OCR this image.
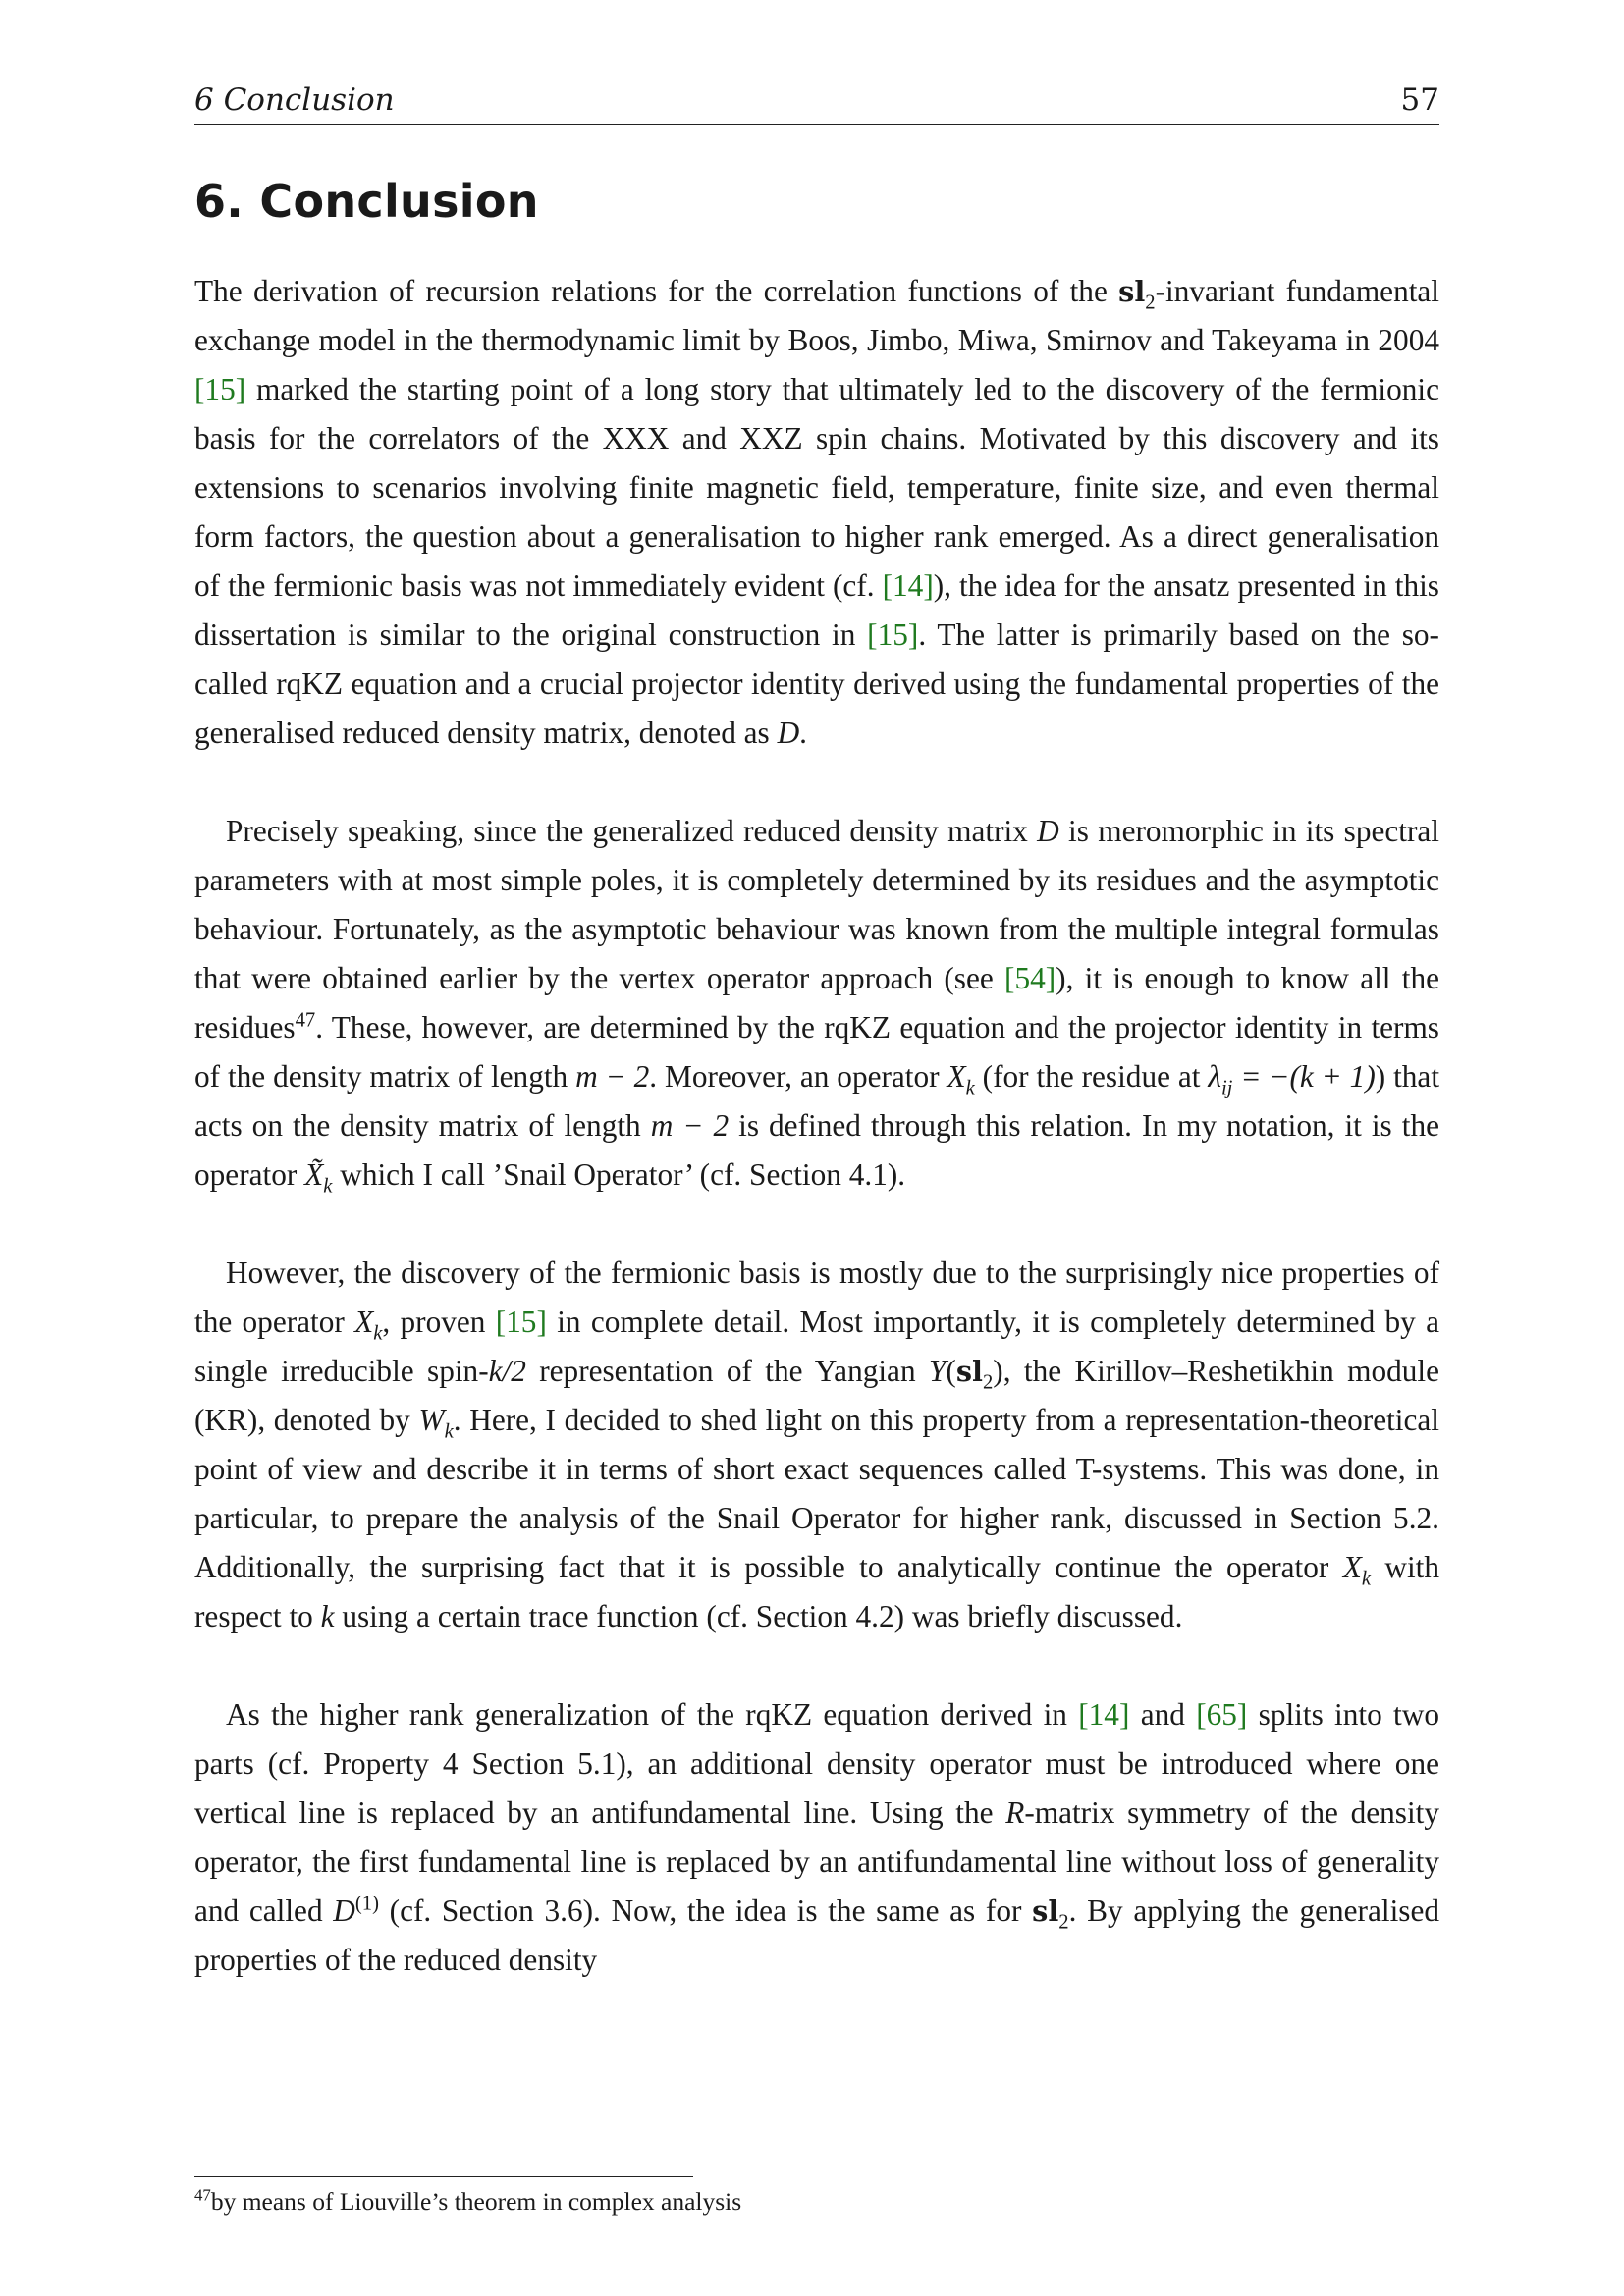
6 Conclusion	57
6. Conclusion

The derivation of recursion relations for the correlation functions of the $sl_2$-invariant fundamental exchange model in the thermodynamic limit by Boos, Jimbo, Miwa, Smirnov and Takeyama in 2004 [15] marked the starting point of a long story that ultimately led to the discovery of the fermionic basis for the correlators of the XXX and XXZ spin chains. Motivated by this discovery and its extensions to scenarios involving finite magnetic field, temperature, finite size, and even thermal form factors, the question about a generalisation to higher rank emerged. As a direct generalisation of the fermionic basis was not immediately evident (cf. [14]), the idea for the ansatz presented in this dissertation is similar to the original construction in [15]. The latter is primarily based on the so-called rqKZ equation and a crucial projector identity derived using the fundamental properties of the generalised reduced density matrix, denoted as D.

Precisely speaking, since the generalized reduced density matrix D is meromorphic in its spectral parameters with at most simple poles, it is completely determined by its residues and the asymptotic behaviour. Fortunately, as the asymptotic behaviour was known from the multiple integral formulas that were obtained earlier by the vertex operator approach (see [54]), it is enough to know all the residues$^{47}$. These, however, are determined by the rqKZ equation and the projector identity in terms of the density matrix of length m − 2. Moreover, an operator $X_k$ (for the residue at $\lambda_{ij} = -(k + 1)$) that acts on the density matrix of length m − 2 is defined through this relation. In my notation, it is the operator $X̃_k$ which I call ’Snail Operator’ (cf. Section 4.1).

However, the discovery of the fermionic basis is mostly due to the surprisingly nice properties of the operator $X_k$, proven [15] in complete detail. Most importantly, it is completely determined by a single irreducible spin-k/2 representation of the Yangian $Y(sl_2)$, the Kirillov–Reshetikhin module (KR), denoted by $W_k$. Here, I decided to shed light on this property from a representation-theoretical point of view and describe it in terms of short exact sequences called T-systems. This was done, in particular, to prepare the analysis of the Snail Operator for higher rank, discussed in Section 5.2. Additionally, the surprising fact that it is possible to analytically continue the operator $X_k$ with respect to k using a certain trace function (cf. Section 4.2) was briefly discussed.

As the higher rank generalization of the rqKZ equation derived in [14] and [65] splits into two parts (cf. Property 4 Section 5.1), an additional density operator must be introduced where one vertical line is replaced by an antifundamental line. Using the R-matrix symmetry of the density operator, the first fundamental line is replaced by an antifundamental line without loss of generality and called $D^{(1)}$ (cf. Section 3.6). Now, the idea is the same as for $sl_2$. By applying the generalised properties of the reduced density

$^{47}$by means of Liouville’s theorem in complex analysis
